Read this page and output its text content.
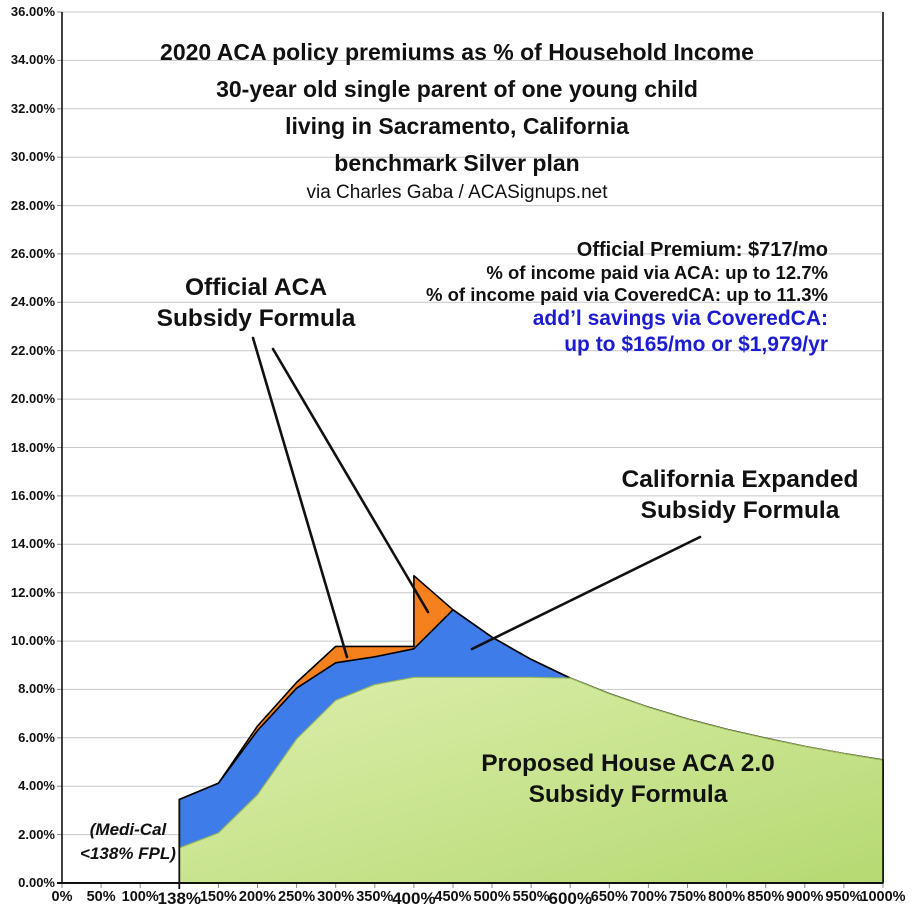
2020 ACA policy premiums as % of Household Income
30-year old single parent of one young child
living in Sacramento, California
benchmark Silver plan
via Charles Gaba / ACASignups.net
Official Premium: $717/mo
% of income paid via ACA: up to 12.7%
% of income paid via CoveredCA: up to 11.3%
add’l savings via CoveredCA:
up to $165/mo or $1,979/yr
Official ACA
Subsidy Formula
California Expanded
Subsidy Formula
Proposed House ACA 2.0
Subsidy Formula
(Medi-Cal
<138% FPL)
0.00%
2.00%
4.00%
6.00%
8.00%
10.00%
12.00%
14.00%
16.00%
18.00%
20.00%
22.00%
24.00%
26.00%
28.00%
30.00%
32.00%
34.00%
36.00%
0% 50% 100%
138%
150% 200% 250% 300% 350%
400%
450% 500% 550%
600%
650% 700% 750% 800% 850% 900% 950%
1000%
